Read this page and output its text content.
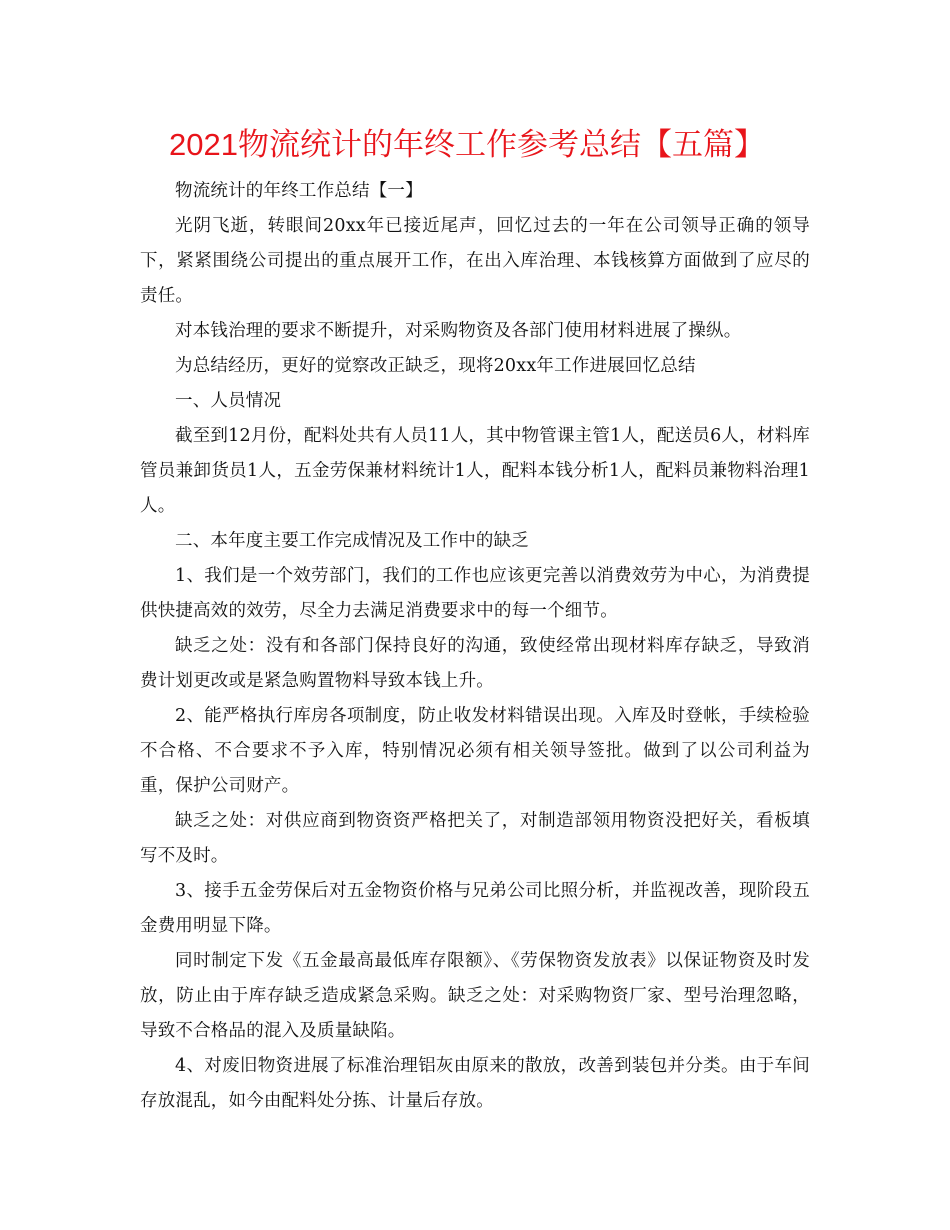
2021物流统计的年终工作参考总结【五篇】

物流统计的年终工作总结【一】

光阴飞逝，转眼间20xx年已接近尾声，回忆过去的一年在公司领导正确的领导下，紧紧围绕公司提出的重点展开工作，在出入库治理、本钱核算方面做到了应尽的责任。

对本钱治理的要求不断提升，对采购物资及各部门使用材料进展了操纵。

为总结经历，更好的觉察改正缺乏，现将20xx年工作进展回忆总结

一、人员情况

截至到12月份，配料处共有人员11人，其中物管课主管1人，配送员6人，材料库管员兼卸货员1人，五金劳保兼材料统计1人，配料本钱分析1人，配料员兼物料治理1人。

二、本年度主要工作完成情况及工作中的缺乏

1、我们是一个效劳部门，我们的工作也应该更完善以消费效劳为中心，为消费提供快捷高效的效劳，尽全力去满足消费要求中的每一个细节。

缺乏之处：没有和各部门保持良好的沟通，致使经常出现材料库存缺乏，导致消费计划更改或是紧急购置物料导致本钱上升。

2、能严格执行库房各项制度，防止收发材料错误出现。入库及时登帐，手续检验不合格、不合要求不予入库，特别情况必须有相关领导签批。做到了以公司利益为重，保护公司财产。

缺乏之处：对供应商到物资资严格把关了，对制造部领用物资没把好关，看板填写不及时。

3、接手五金劳保后对五金物资价格与兄弟公司比照分析，并监视改善，现阶段五金费用明显下降。

同时制定下发《五金最高最低库存限额》、《劳保物资发放表》以保证物资及时发放，防止由于库存缺乏造成紧急采购。缺乏之处：对采购物资厂家、型号治理忽略，导致不合格品的混入及质量缺陷。

4、对废旧物资进展了标准治理铝灰由原来的散放，改善到装包并分类。由于车间存放混乱，如今由配料处分拣、计量后存放。
